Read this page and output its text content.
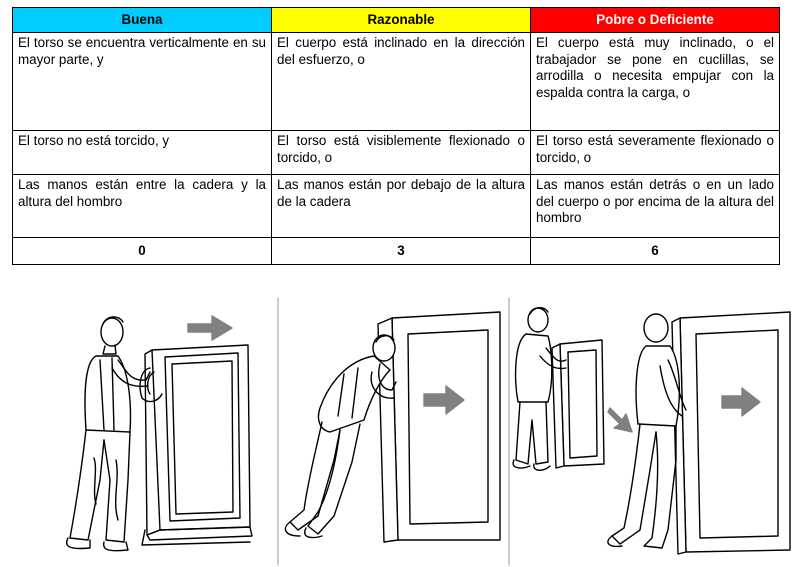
Buena	Razonable	Pobre o Deficiente
El torso se encuentra verticalmente en su mayor parte, y	El cuerpo está inclinado en la dirección del esfuerzo, o	El cuerpo está muy inclinado, o el trabajador se pone en cuclillas, se arrodilla o necesita empujar con la espalda contra la carga, o
El torso no está torcido, y	El torso está visiblemente flexionado o torcido, o	El torso está severamente flexionado o torcido, o
Las manos están entre la cadera y la altura del hombro	Las manos están por debajo de la altura de la cadera	Las manos están detrás o en un lado del cuerpo o por encima de la altura del hombro
0	3	6
